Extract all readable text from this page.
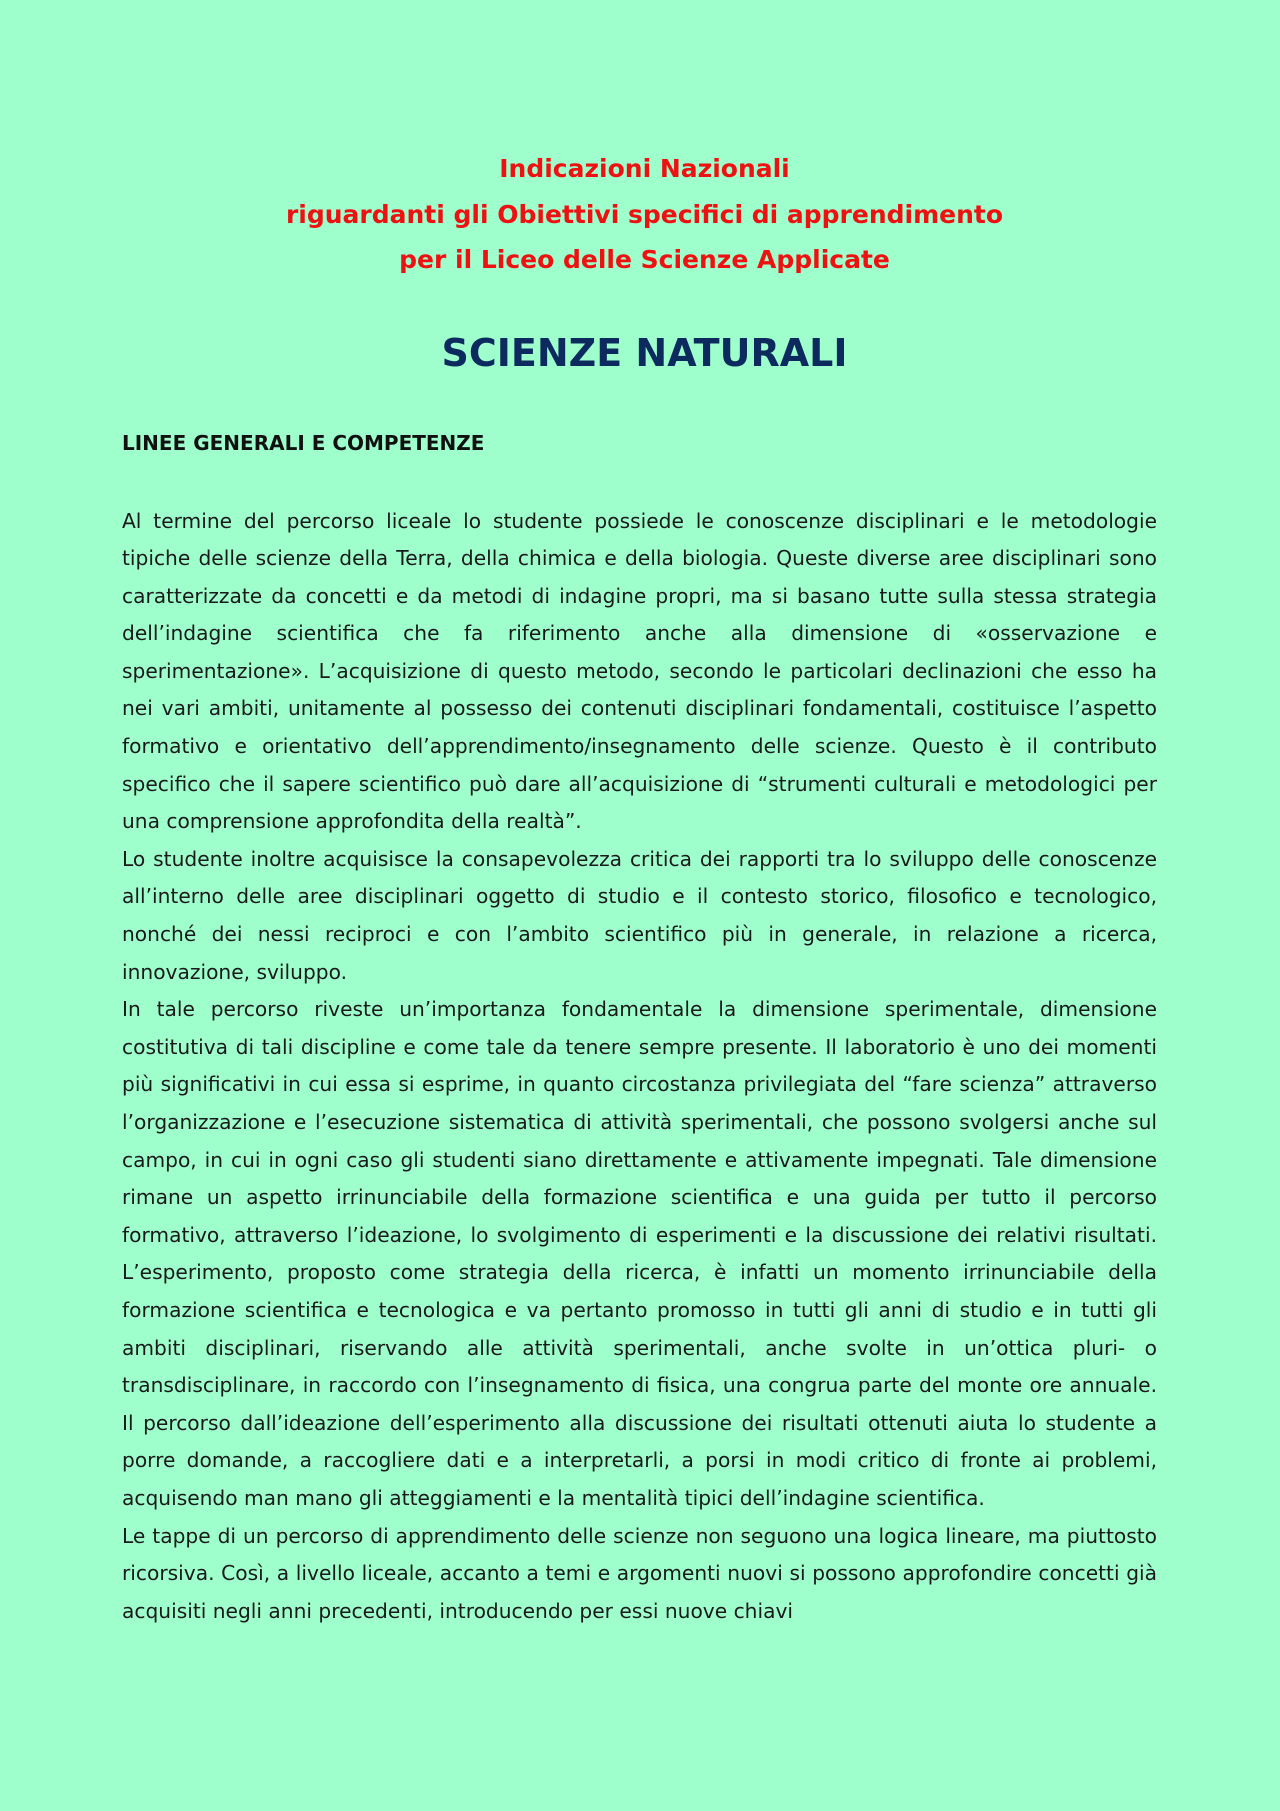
Indicazioni Nazionali
riguardanti gli Obiettivi specifici di apprendimento
per il Liceo delle Scienze Applicate
SCIENZE NATURALI
LINEE GENERALI E COMPETENZE

Al termine del percorso liceale lo studente possiede le conoscenze disciplinari e le metodologie tipiche delle scienze della Terra, della chimica e della biologia. Queste diverse aree disciplinari sono caratterizzate da concetti e da metodi di indagine propri, ma si basano tutte sulla stessa strategia dell’indagine scientifica che fa riferimento anche alla dimensione di «osservazione e sperimentazione». L’acquisizione di questo metodo, secondo le particolari declinazioni che esso ha nei vari ambiti, unitamente al possesso dei contenuti disciplinari fondamentali, costituisce l’aspetto formativo e orientativo dell’apprendimento/insegnamento delle scienze. Questo è il contributo specifico che il sapere scientifico può dare all’acquisizione di “strumenti culturali e metodologici per una comprensione approfondita della realtà”.

Lo studente inoltre acquisisce la consapevolezza critica dei rapporti tra lo sviluppo delle conoscenze all’interno delle aree disciplinari oggetto di studio e il contesto storico, filosofico e tecnologico, nonché dei nessi reciproci e con l’ambito scientifico più in generale, in relazione a ricerca, innovazione, sviluppo.

In tale percorso riveste un’importanza fondamentale la dimensione sperimentale, dimensione costitutiva di tali discipline e come tale da tenere sempre presente. Il laboratorio è uno dei momenti più significativi in cui essa si esprime, in quanto circostanza privilegiata del “fare scienza” attraverso l’organizzazione e l’esecuzione sistematica di attività sperimentali, che possono svolgersi anche sul campo, in cui in ogni caso gli studenti siano direttamente e attivamente impegnati. Tale dimensione rimane un aspetto irrinunciabile della formazione scientifica e una guida per tutto il percorso formativo, attraverso l’ideazione, lo svolgimento di esperimenti e la discussione dei relativi risultati. L’esperimento, proposto come strategia della ricerca, è infatti un momento irrinunciabile della formazione scientifica e tecnologica e va pertanto promosso in tutti gli anni di studio e in tutti gli ambiti disciplinari, riservando alle attività sperimentali, anche svolte in un’ottica pluri- o transdisciplinare, in raccordo con l’insegnamento di fisica, una congrua parte del monte ore annuale. Il percorso dall’ideazione dell’esperimento alla discussione dei risultati ottenuti aiuta lo studente a porre domande, a raccogliere dati e a interpretarli, a porsi in modi critico di fronte ai problemi, acquisendo man mano gli atteggiamenti e la mentalità tipici dell’indagine scientifica.

Le tappe di un percorso di apprendimento delle scienze non seguono una logica lineare, ma piuttosto ricorsiva. Così, a livello liceale, accanto a temi e argomenti nuovi si possono approfondire concetti già acquisiti negli anni precedenti, introducendo per essi nuove chiavi
